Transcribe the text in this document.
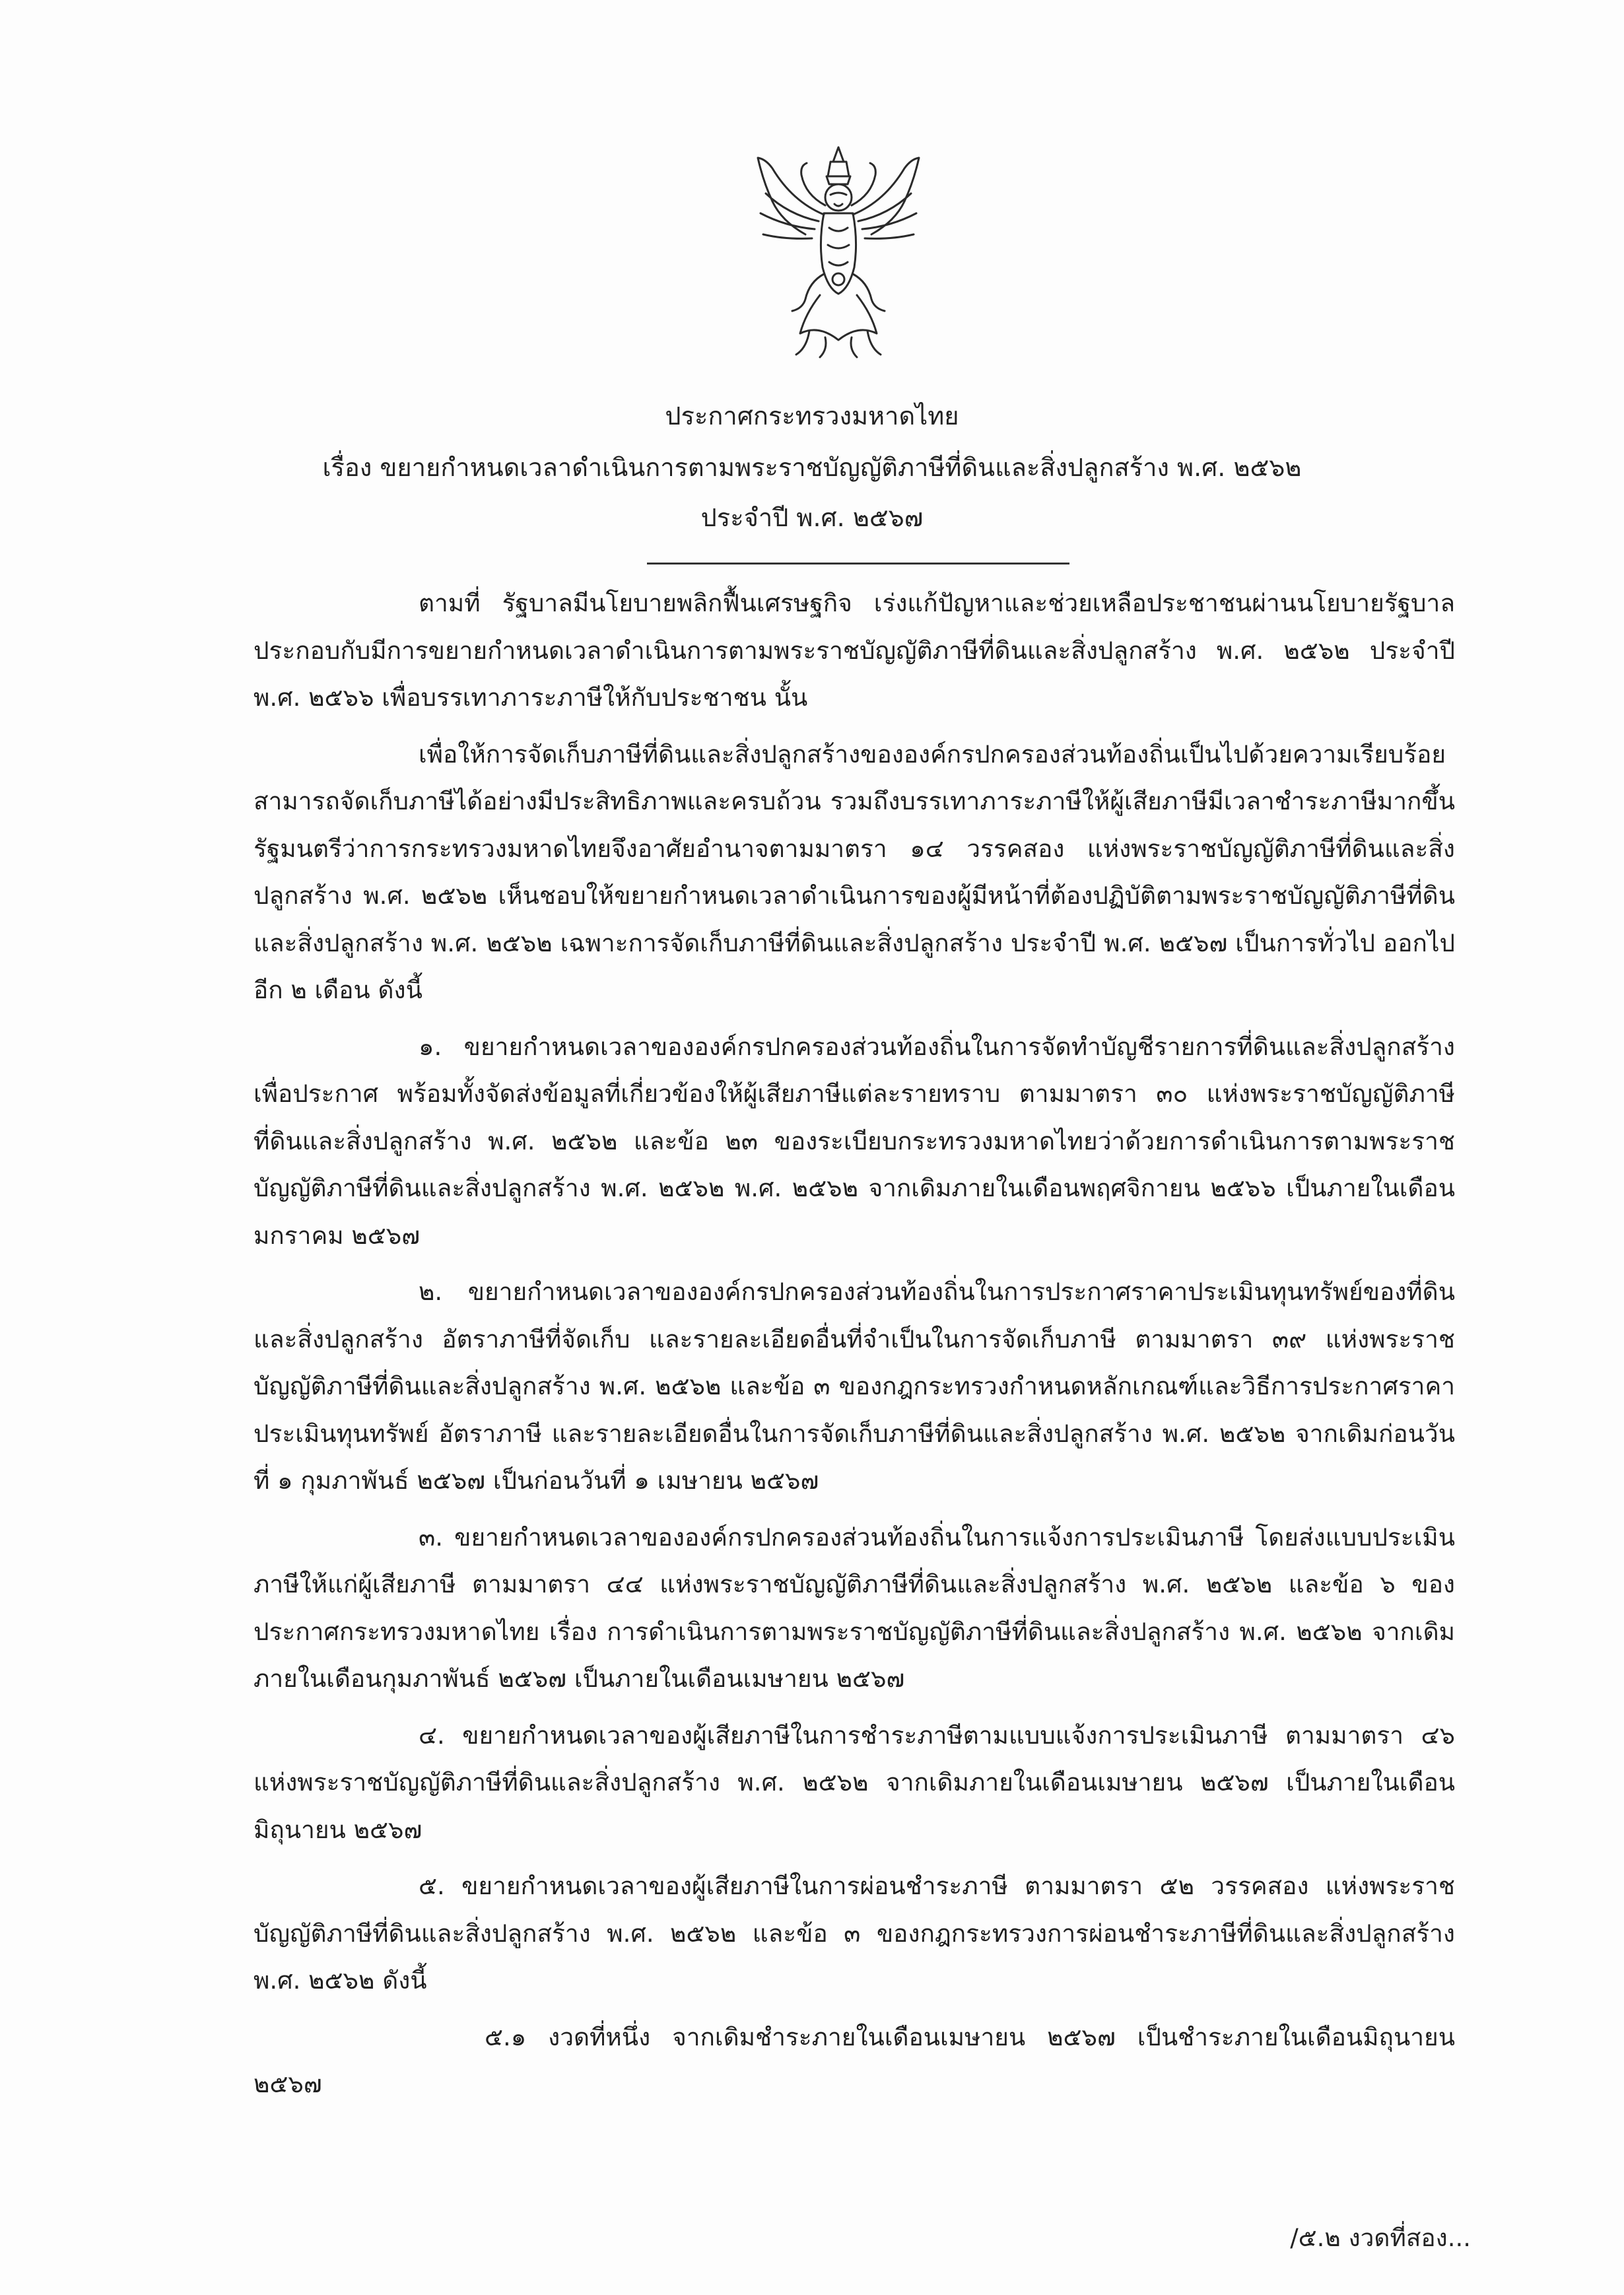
ประกาศกระทรวงมหาดไทย
เรื่อง ขยายกำหนดเวลาดำเนินการตามพระราชบัญญัติภาษีที่ดินและสิ่งปลูกสร้าง พ.ศ. ๒๕๖๒
ประจำปี พ.ศ. ๒๕๖๗

ตามที่ รัฐบาลมีนโยบายพลิกฟื้นเศรษฐกิจ เร่งแก้ปัญหาและช่วยเหลือประชาชนผ่านนโยบายรัฐบาล ประกอบกับมีการขยายกำหนดเวลาดำเนินการตามพระราชบัญญัติภาษีที่ดินและสิ่งปลูกสร้าง พ.ศ. ๒๕๖๒ ประจำปี พ.ศ. ๒๕๖๖ เพื่อบรรเทาภาระภาษีให้กับประชาชน นั้น

เพื่อให้การจัดเก็บภาษีที่ดินและสิ่งปลูกสร้างขององค์กรปกครองส่วนท้องถิ่นเป็นไปด้วยความเรียบร้อย สามารถจัดเก็บภาษีได้อย่างมีประสิทธิภาพและครบถ้วน รวมถึงบรรเทาภาระภาษีให้ผู้เสียภาษีมีเวลาชำระภาษีมากขึ้น รัฐมนตรีว่าการกระทรวงมหาดไทยจึงอาศัยอำนาจตามมาตรา ๑๔ วรรคสอง แห่งพระราชบัญญัติภาษีที่ดินและสิ่งปลูกสร้าง พ.ศ. ๒๕๖๒ เห็นชอบให้ขยายกำหนดเวลาดำเนินการของผู้มีหน้าที่ต้องปฏิบัติตามพระราชบัญญัติภาษีที่ดินและสิ่งปลูกสร้าง พ.ศ. ๒๕๖๒ เฉพาะการจัดเก็บภาษีที่ดินและสิ่งปลูกสร้าง ประจำปี พ.ศ. ๒๕๖๗ เป็นการทั่วไป ออกไปอีก ๒ เดือน ดังนี้

๑. ขยายกำหนดเวลาขององค์กรปกครองส่วนท้องถิ่นในการจัดทำบัญชีรายการที่ดินและสิ่งปลูกสร้างเพื่อประกาศ พร้อมทั้งจัดส่งข้อมูลที่เกี่ยวข้องให้ผู้เสียภาษีแต่ละรายทราบ ตามมาตรา ๓๐ แห่งพระราชบัญญัติภาษีที่ดินและสิ่งปลูกสร้าง พ.ศ. ๒๕๖๒ และข้อ ๒๓ ของระเบียบกระทรวงมหาดไทยว่าด้วยการดำเนินการตามพระราชบัญญัติภาษีที่ดินและสิ่งปลูกสร้าง พ.ศ. ๒๕๖๒ พ.ศ. ๒๕๖๒ จากเดิมภายในเดือนพฤศจิกายน ๒๕๖๖ เป็นภายในเดือนมกราคม ๒๕๖๗

๒. ขยายกำหนดเวลาขององค์กรปกครองส่วนท้องถิ่นในการประกาศราคาประเมินทุนทรัพย์ของที่ดินและสิ่งปลูกสร้าง อัตราภาษีที่จัดเก็บ และรายละเอียดอื่นที่จำเป็นในการจัดเก็บภาษี ตามมาตรา ๓๙ แห่งพระราชบัญญัติภาษีที่ดินและสิ่งปลูกสร้าง พ.ศ. ๒๕๖๒ และข้อ ๓ ของกฎกระทรวงกำหนดหลักเกณฑ์และวิธีการประกาศราคาประเมินทุนทรัพย์ อัตราภาษี และรายละเอียดอื่นในการจัดเก็บภาษีที่ดินและสิ่งปลูกสร้าง พ.ศ. ๒๕๖๒ จากเดิมก่อนวันที่ ๑ กุมภาพันธ์ ๒๕๖๗ เป็นก่อนวันที่ ๑ เมษายน ๒๕๖๗

๓. ขยายกำหนดเวลาขององค์กรปกครองส่วนท้องถิ่นในการแจ้งการประเมินภาษี โดยส่งแบบประเมินภาษีให้แก่ผู้เสียภาษี ตามมาตรา ๔๔ แห่งพระราชบัญญัติภาษีที่ดินและสิ่งปลูกสร้าง พ.ศ. ๒๕๖๒ และข้อ ๖ ของประกาศกระทรวงมหาดไทย เรื่อง การดำเนินการตามพระราชบัญญัติภาษีที่ดินและสิ่งปลูกสร้าง พ.ศ. ๒๕๖๒ จากเดิมภายในเดือนกุมภาพันธ์ ๒๕๖๗ เป็นภายในเดือนเมษายน ๒๕๖๗

๔. ขยายกำหนดเวลาของผู้เสียภาษีในการชำระภาษีตามแบบแจ้งการประเมินภาษี ตามมาตรา ๔๖ แห่งพระราชบัญญัติภาษีที่ดินและสิ่งปลูกสร้าง พ.ศ. ๒๕๖๒ จากเดิมภายในเดือนเมษายน ๒๕๖๗ เป็นภายในเดือนมิถุนายน ๒๕๖๗

๕. ขยายกำหนดเวลาของผู้เสียภาษีในการผ่อนชำระภาษี ตามมาตรา ๕๒ วรรคสอง แห่งพระราชบัญญัติภาษีที่ดินและสิ่งปลูกสร้าง พ.ศ. ๒๕๖๒ และข้อ ๓ ของกฎกระทรวงการผ่อนชำระภาษีที่ดินและสิ่งปลูกสร้าง พ.ศ. ๒๕๖๒ ดังนี้

๕.๑ งวดที่หนึ่ง จากเดิมชำระภายในเดือนเมษายน ๒๕๖๗ เป็นชำระภายในเดือนมิถุนายน ๒๕๖๗

/๕.๒ งวดที่สอง...
